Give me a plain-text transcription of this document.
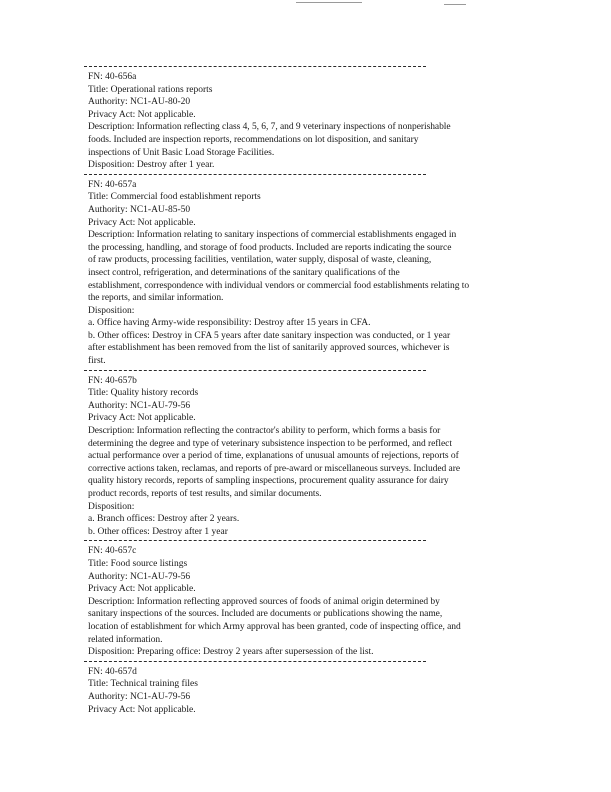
FN: 40-656a
Title: Operational rations reports
Authority: NC1-AU-80-20
Privacy Act: Not applicable.
Description: Information reflecting class 4, 5, 6, 7, and 9 veterinary inspections of nonperishable
foods. Included are inspection reports, recommendations on lot disposition, and sanitary
inspections of Unit Basic Load Storage Facilities.
Disposition: Destroy after 1 year.
FN: 40-657a
Title: Commercial food establishment reports
Authority: NC1-AU-85-50
Privacy Act: Not applicable.
Description: Information relating to sanitary inspections of commercial establishments engaged in
the processing, handling, and storage of food products. Included are reports indicating the source
of raw products, processing facilities, ventilation, water supply, disposal of waste, cleaning,
insect control, refrigeration, and determinations of the sanitary qualifications of the
establishment, correspondence with individual vendors or commercial food establishments relating to
the reports, and similar information.
Disposition:
a. Office having Army-wide responsibility: Destroy after 15 years in CFA.
b. Other offices: Destroy in CFA 5 years after date sanitary inspection was conducted, or 1 year
after establishment has been removed from the list of sanitarily approved sources, whichever is
first.
FN: 40-657b
Title: Quality history records
Authority: NC1-AU-79-56
Privacy Act: Not applicable.
Description: Information reflecting the contractor's ability to perform, which forms a basis for
determining the degree and type of veterinary subsistence inspection to be performed, and reflect
actual performance over a period of time, explanations of unusual amounts of rejections, reports of
corrective actions taken, reclamas, and reports of pre-award or miscellaneous surveys. Included are
quality history records, reports of sampling inspections, procurement quality assurance for dairy
product records, reports of test results, and similar documents.
Disposition:
a. Branch offices: Destroy after 2 years.
b. Other offices: Destroy after 1 year
FN: 40-657c
Title: Food source listings
Authority: NC1-AU-79-56
Privacy Act: Not applicable.
Description: Information reflecting approved sources of foods of animal origin determined by
sanitary inspections of the sources. Included are documents or publications showing the name,
location of establishment for which Army approval has been granted, code of inspecting office, and
related information.
Disposition: Preparing office: Destroy 2 years after supersession of the list.
FN: 40-657d
Title: Technical training files
Authority: NC1-AU-79-56
Privacy Act: Not applicable.
